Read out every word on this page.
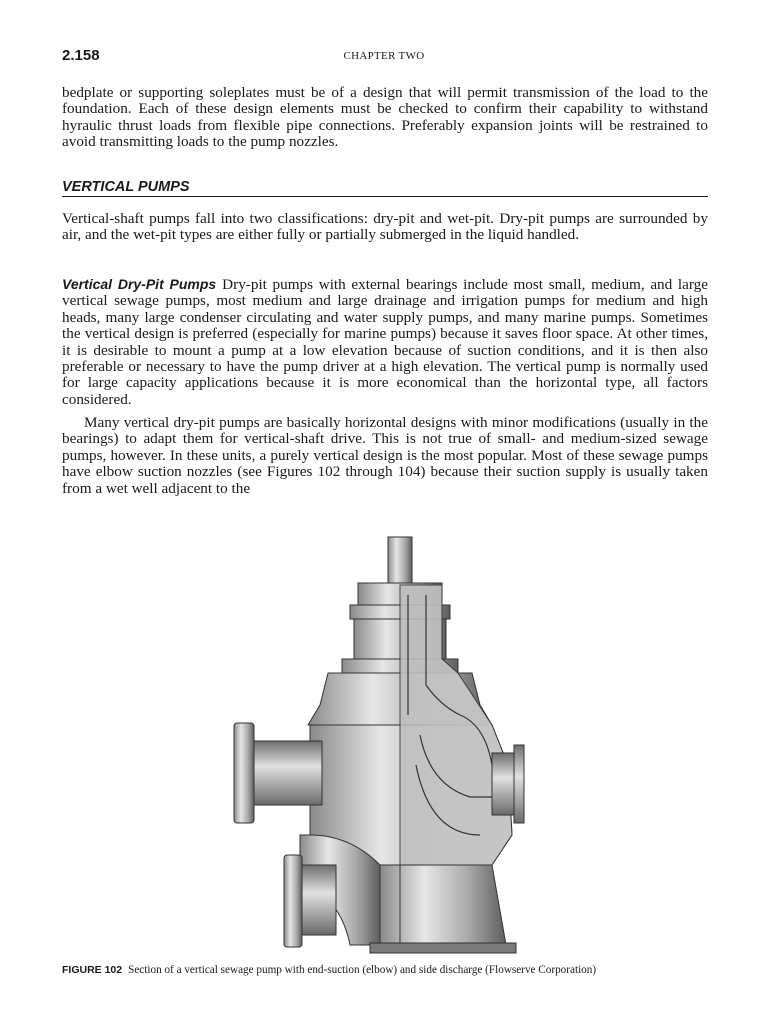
2.158	CHAPTER TWO

bedplate or supporting soleplates must be of a design that will permit transmission of the load to the foundation. Each of these design elements must be checked to confirm their capability to withstand hyraulic thrust loads from flexible pipe connections. Preferably expansion joints will be restrained to avoid transmitting loads to the pump nozzles.

VERTICAL PUMPS

Vertical-shaft pumps fall into two classifications: dry-pit and wet-pit. Dry-pit pumps are surrounded by air, and the wet-pit types are either fully or partially submerged in the liquid handled.

Vertical Dry-Pit Pumps Dry-pit pumps with external bearings include most small, medium, and large vertical sewage pumps, most medium and large drainage and irrigation pumps for medium and high heads, many large condenser circulating and water supply pumps, and many marine pumps. Sometimes the vertical design is preferred (especially for marine pumps) because it saves floor space. At other times, it is desirable to mount a pump at a low elevation because of suction conditions, and it is then also preferable or necessary to have the pump driver at a high elevation. The vertical pump is normally used for large capacity applications because it is more economical than the horizontal type, all factors considered.

Many vertical dry-pit pumps are basically horizontal designs with minor modifications (usually in the bearings) to adapt them for vertical-shaft drive. This is not true of small- and medium-sized sewage pumps, however. In these units, a purely vertical design is the most popular. Most of these sewage pumps have elbow suction nozzles (see Figures 102 through 104) because their suction supply is usually taken from a wet well adjacent to the

FIGURE 102 Section of a vertical sewage pump with end-suction (elbow) and side discharge (Flowserve Corporation)
